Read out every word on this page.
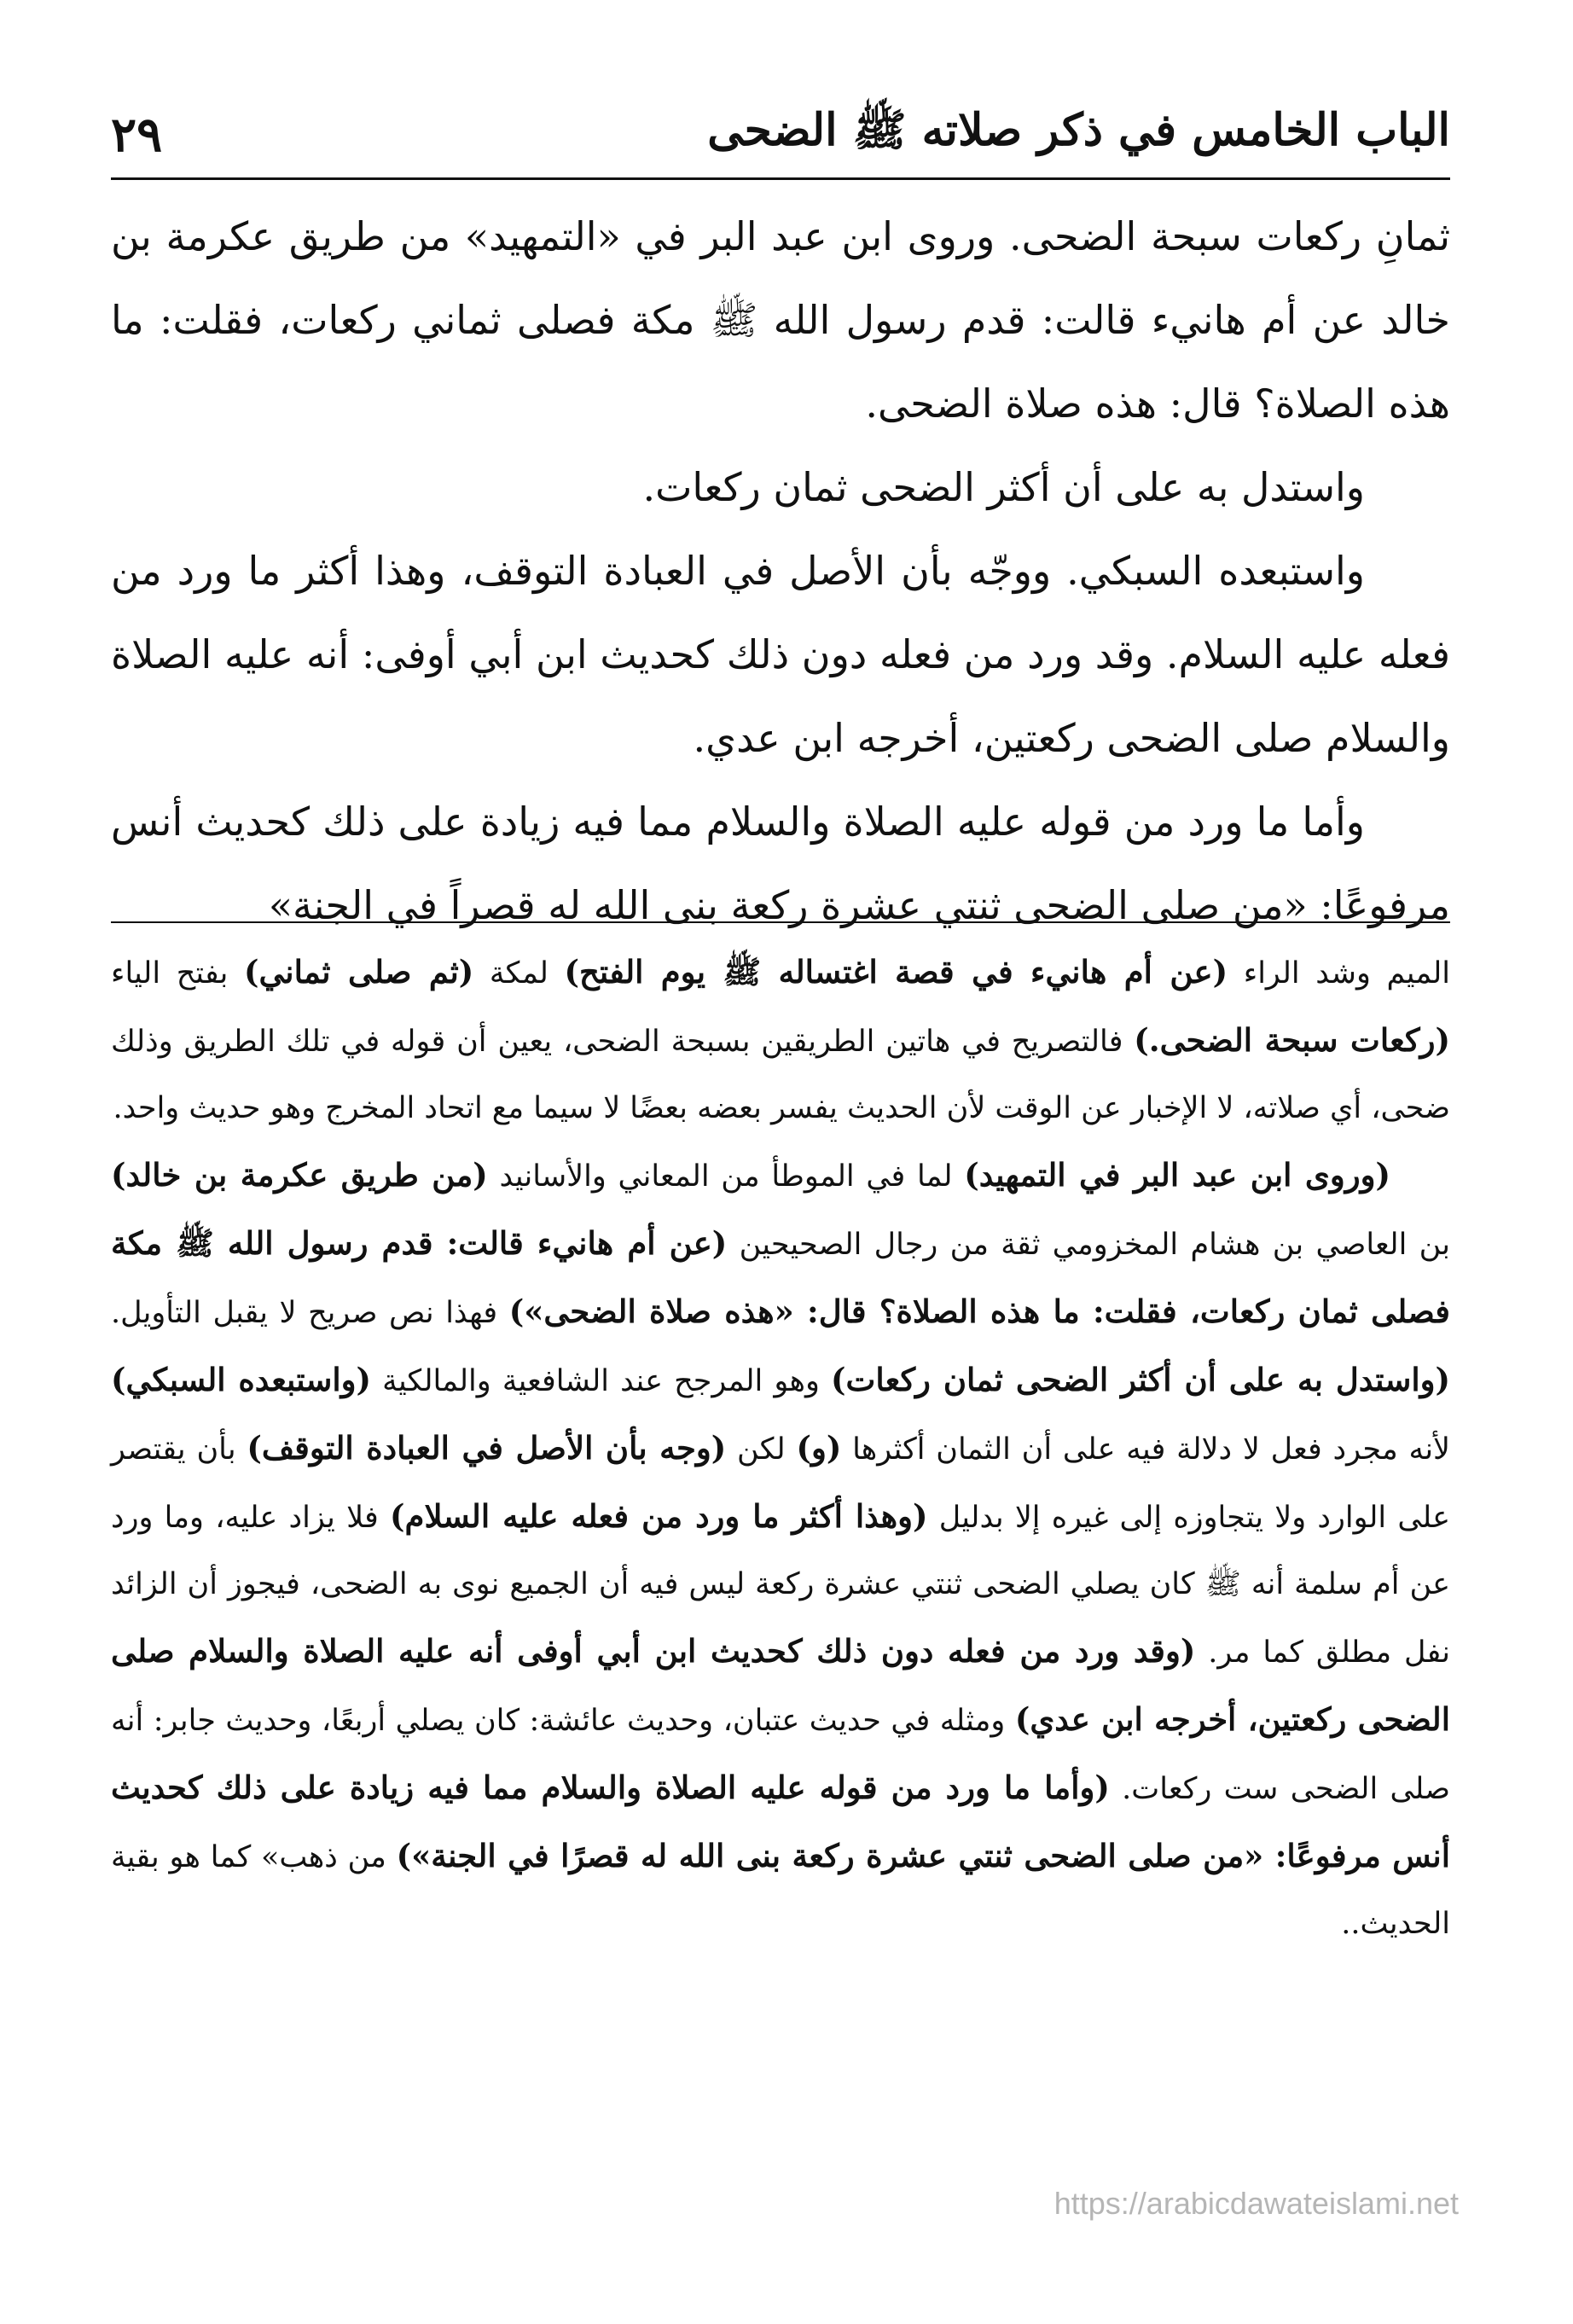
الباب الخامس في ذكر صلاته ﷺ الضحى
٢٩

ثمانِ ركعات سبحة الضحى. وروى ابن عبد البر في «التمهيد» من طريق عكرمة بن خالد عن أم هانيء قالت: قدم رسول الله ﷺ مكة فصلى ثماني ركعات، فقلت: ما هذه الصلاة؟ قال: هذه صلاة الضحى.

واستدل به على أن أكثر الضحى ثمان ركعات.

واستبعده السبكي. ووجّه بأن الأصل في العبادة التوقف، وهذا أكثر ما ورد من فعله عليه السلام. وقد ورد من فعله دون ذلك كحديث ابن أبي أوفى: أنه عليه الصلاة والسلام صلى الضحى ركعتين، أخرجه ابن عدي.

وأما ما ورد من قوله عليه الصلاة والسلام مما فيه زيادة على ذلك كحديث أنس مرفوعًا: «من صلى الضحى ثنتي عشرة ركعة بنى الله له قصراً في الجنة»

الميم وشد الراء (عن أم هانيء في قصة اغتساله ﷺ يوم الفتح) لمكة (ثم صلى ثماني) بفتح الياء (ركعات سبحة الضحى.) فالتصريح في هاتين الطريقين بسبحة الضحى، يعين أن قوله في تلك الطريق وذلك ضحى، أي صلاته، لا الإخبار عن الوقت لأن الحديث يفسر بعضه بعضًا لا سيما مع اتحاد المخرج وهو حديث واحد.

(وروى ابن عبد البر في التمهيد) لما في الموطأ من المعاني والأسانيد (من طريق عكرمة بن خالد) بن العاصي بن هشام المخزومي ثقة من رجال الصحيحين (عن أم هانيء قالت: قدم رسول الله ﷺ مكة فصلى ثمان ركعات، فقلت: ما هذه الصلاة؟ قال: «هذه صلاة الضحى») فهذا نص صريح لا يقبل التأويل. (واستدل به على أن أكثر الضحى ثمان ركعات) وهو المرجح عند الشافعية والمالكية (واستبعده السبكي) لأنه مجرد فعل لا دلالة فيه على أن الثمان أكثرها (و) لكن (وجه بأن الأصل في العبادة التوقف) بأن يقتصر على الوارد ولا يتجاوزه إلى غيره إلا بدليل (وهذا أكثر ما ورد من فعله عليه السلام) فلا يزاد عليه، وما ورد عن أم سلمة أنه ﷺ كان يصلي الضحى ثنتي عشرة ركعة ليس فيه أن الجميع نوى به الضحى، فيجوز أن الزائد نفل مطلق كما مر. (وقد ورد من فعله دون ذلك كحديث ابن أبي أوفى أنه عليه الصلاة والسلام صلى الضحى ركعتين، أخرجه ابن عدي) ومثله في حديث عتبان، وحديث عائشة: كان يصلي أربعًا، وحديث جابر: أنه صلى الضحى ست ركعات. (وأما ما ورد من قوله عليه الصلاة والسلام مما فيه زيادة على ذلك كحديث أنس مرفوعًا: «من صلى الضحى ثنتي عشرة ركعة بنى الله له قصرًا في الجنة») من ذهب» كما هو بقية الحديث..

https://arabicdawateislami.net
